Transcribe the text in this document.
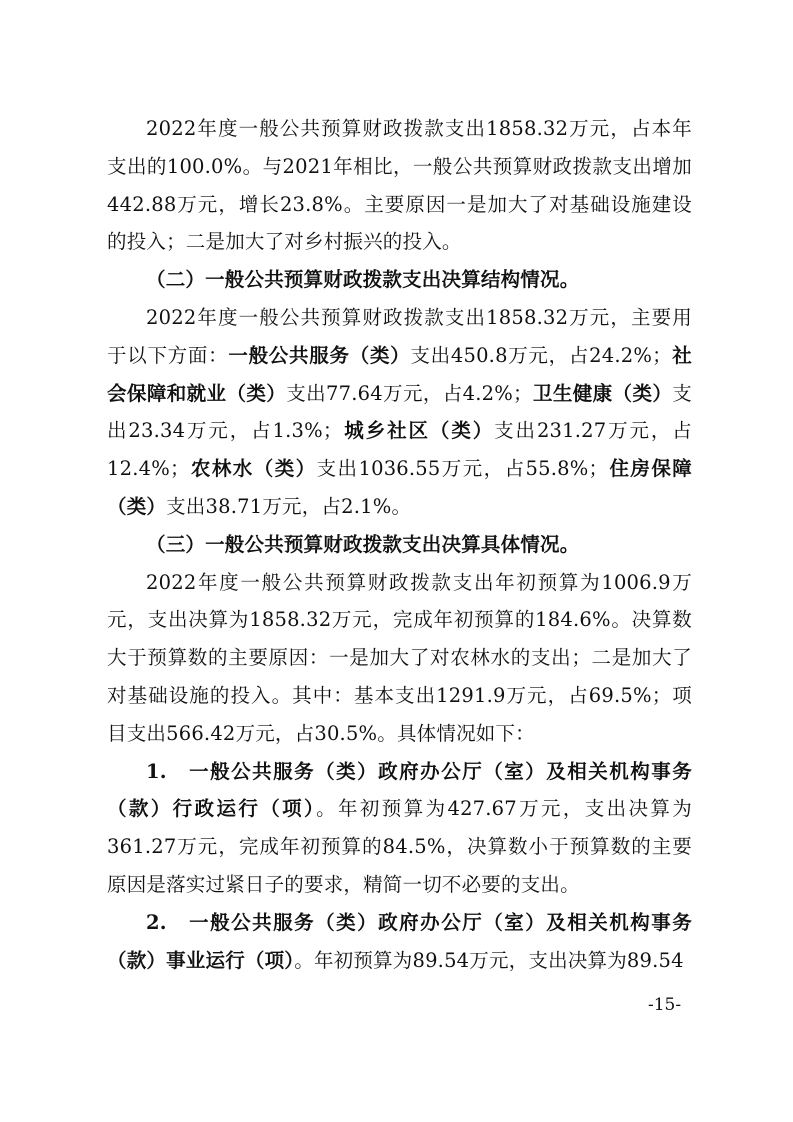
2022年度一般公共预算财政拨款支出1858.32万元，占本年支出的100.0%。与2021年相比，一般公共预算财政拨款支出增加442.88万元，增长23.8%。主要原因一是加大了对基础设施建设的投入；二是加大了对乡村振兴的投入。

（二）一般公共预算财政拨款支出决算结构情况。

2022年度一般公共预算财政拨款支出1858.32万元，主要用于以下方面：一般公共服务（类）支出450.8万元，占24.2%；社会保障和就业（类）支出77.64万元，占4.2%；卫生健康（类）支出23.34万元，占1.3%；城乡社区（类）支出231.27万元，占12.4%；农林水（类）支出1036.55万元，占55.8%；住房保障（类）支出38.71万元，占2.1%。

（三）一般公共预算财政拨款支出决算具体情况。

2022年度一般公共预算财政拨款支出年初预算为1006.9万元，支出决算为1858.32万元，完成年初预算的184.6%。决算数大于预算数的主要原因：一是加大了对农林水的支出；二是加大了对基础设施的投入。其中：基本支出1291.9万元，占69.5%；项目支出566.42万元，占30.5%。具体情况如下：

1.　一般公共服务（类）政府办公厅（室）及相关机构事务（款）行政运行（项）。年初预算为427.67万元，支出决算为361.27万元，完成年初预算的84.5%，决算数小于预算数的主要原因是落实过紧日子的要求，精简一切不必要的支出。

2.　一般公共服务（类）政府办公厅（室）及相关机构事务（款）事业运行（项）。年初预算为89.54万元，支出决算为89.54

-15-
